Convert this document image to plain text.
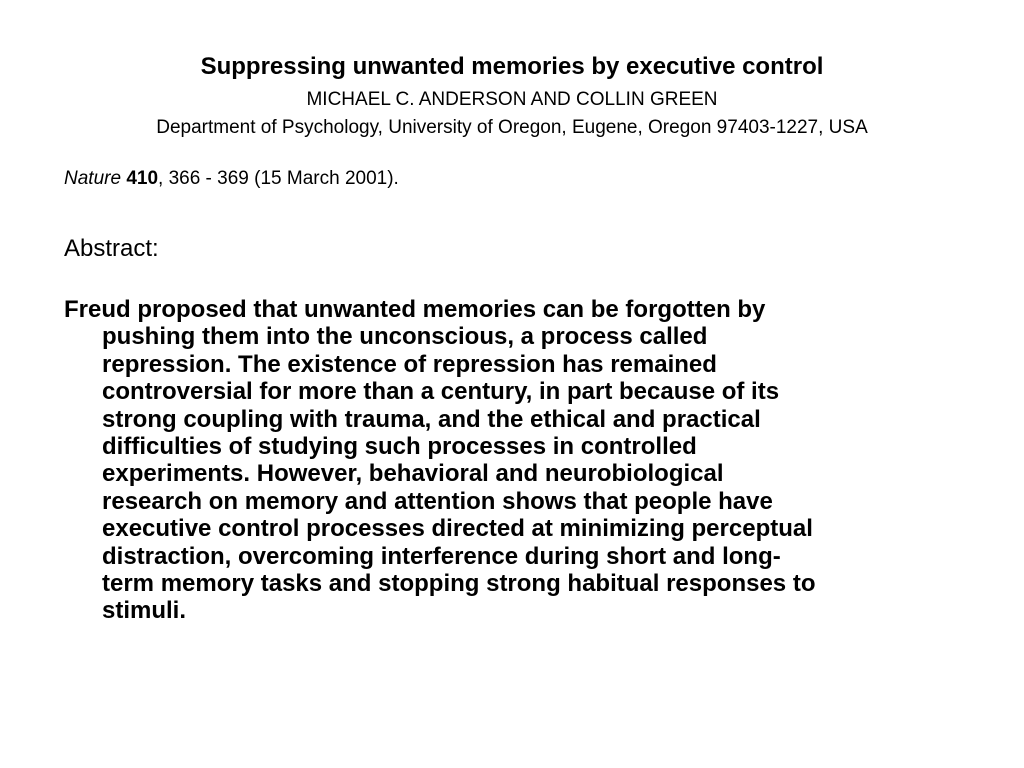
Suppressing unwanted memories by executive control
MICHAEL C. ANDERSON AND COLLIN GREEN
Department of Psychology, University of Oregon, Eugene, Oregon 97403-1227, USA
Nature 410, 366 - 369 (15 March 2001).
Abstract:
Freud proposed that unwanted memories can be forgotten by
pushing them into the unconscious, a process called
repression. The existence of repression has remained
controversial for more than a century, in part because of its
strong coupling with trauma, and the ethical and practical
difficulties of studying such processes in controlled
experiments. However, behavioral and neurobiological
research on memory and attention shows that people have
executive control processes directed at minimizing perceptual
distraction, overcoming interference during short and long-
term memory tasks and stopping strong habitual responses to
stimuli.
